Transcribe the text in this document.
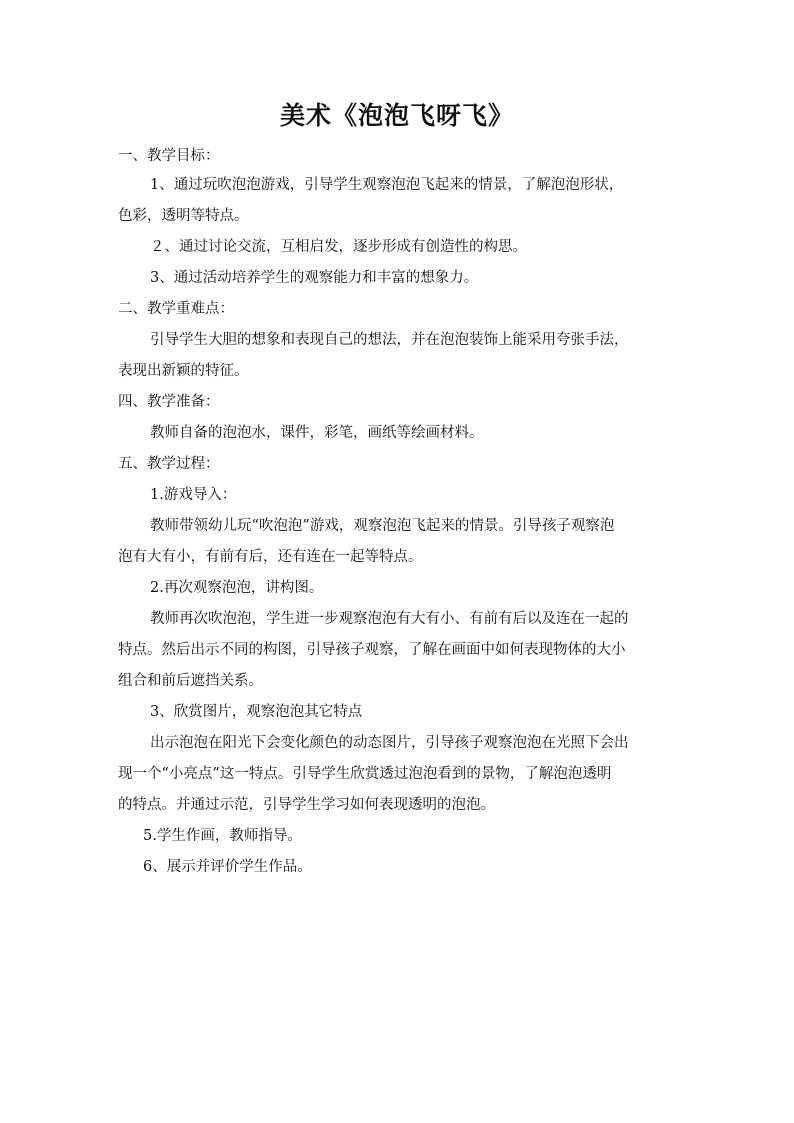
美术《泡泡飞呀飞》
一、教学目标：
1、通过玩吹泡泡游戏，引导学生观察泡泡飞起来的情景，了解泡泡形状，
色彩，透明等特点。
２、通过讨论交流，互相启发，逐步形成有创造性的构思。
3、通过活动培养学生的观察能力和丰富的想象力。
二、教学重难点：
引导学生大胆的想象和表现自己的想法，并在泡泡装饰上能采用夸张手法，
表现出新颖的特征。
四、教学准备：
教师自备的泡泡水，课件，彩笔，画纸等绘画材料。
五、教学过程：
1.游戏导入：
教师带领幼儿玩“吹泡泡”游戏，观察泡泡飞起来的情景。引导孩子观察泡
泡有大有小，有前有后，还有连在一起等特点。
2.再次观察泡泡，讲构图。
教师再次吹泡泡，学生进一步观察泡泡有大有小、有前有后以及连在一起的
特点。然后出示不同的构图，引导孩子观察，了解在画面中如何表现物体的大小
组合和前后遮挡关系。
3、欣赏图片，观察泡泡其它特点
出示泡泡在阳光下会变化颜色的动态图片，引导孩子观察泡泡在光照下会出
现一个“小亮点”这一特点。引导学生欣赏透过泡泡看到的景物，了解泡泡透明
的特点。并通过示范，引导学生学习如何表现透明的泡泡。
5.学生作画，教师指导。
6、展示并评价学生作品。
